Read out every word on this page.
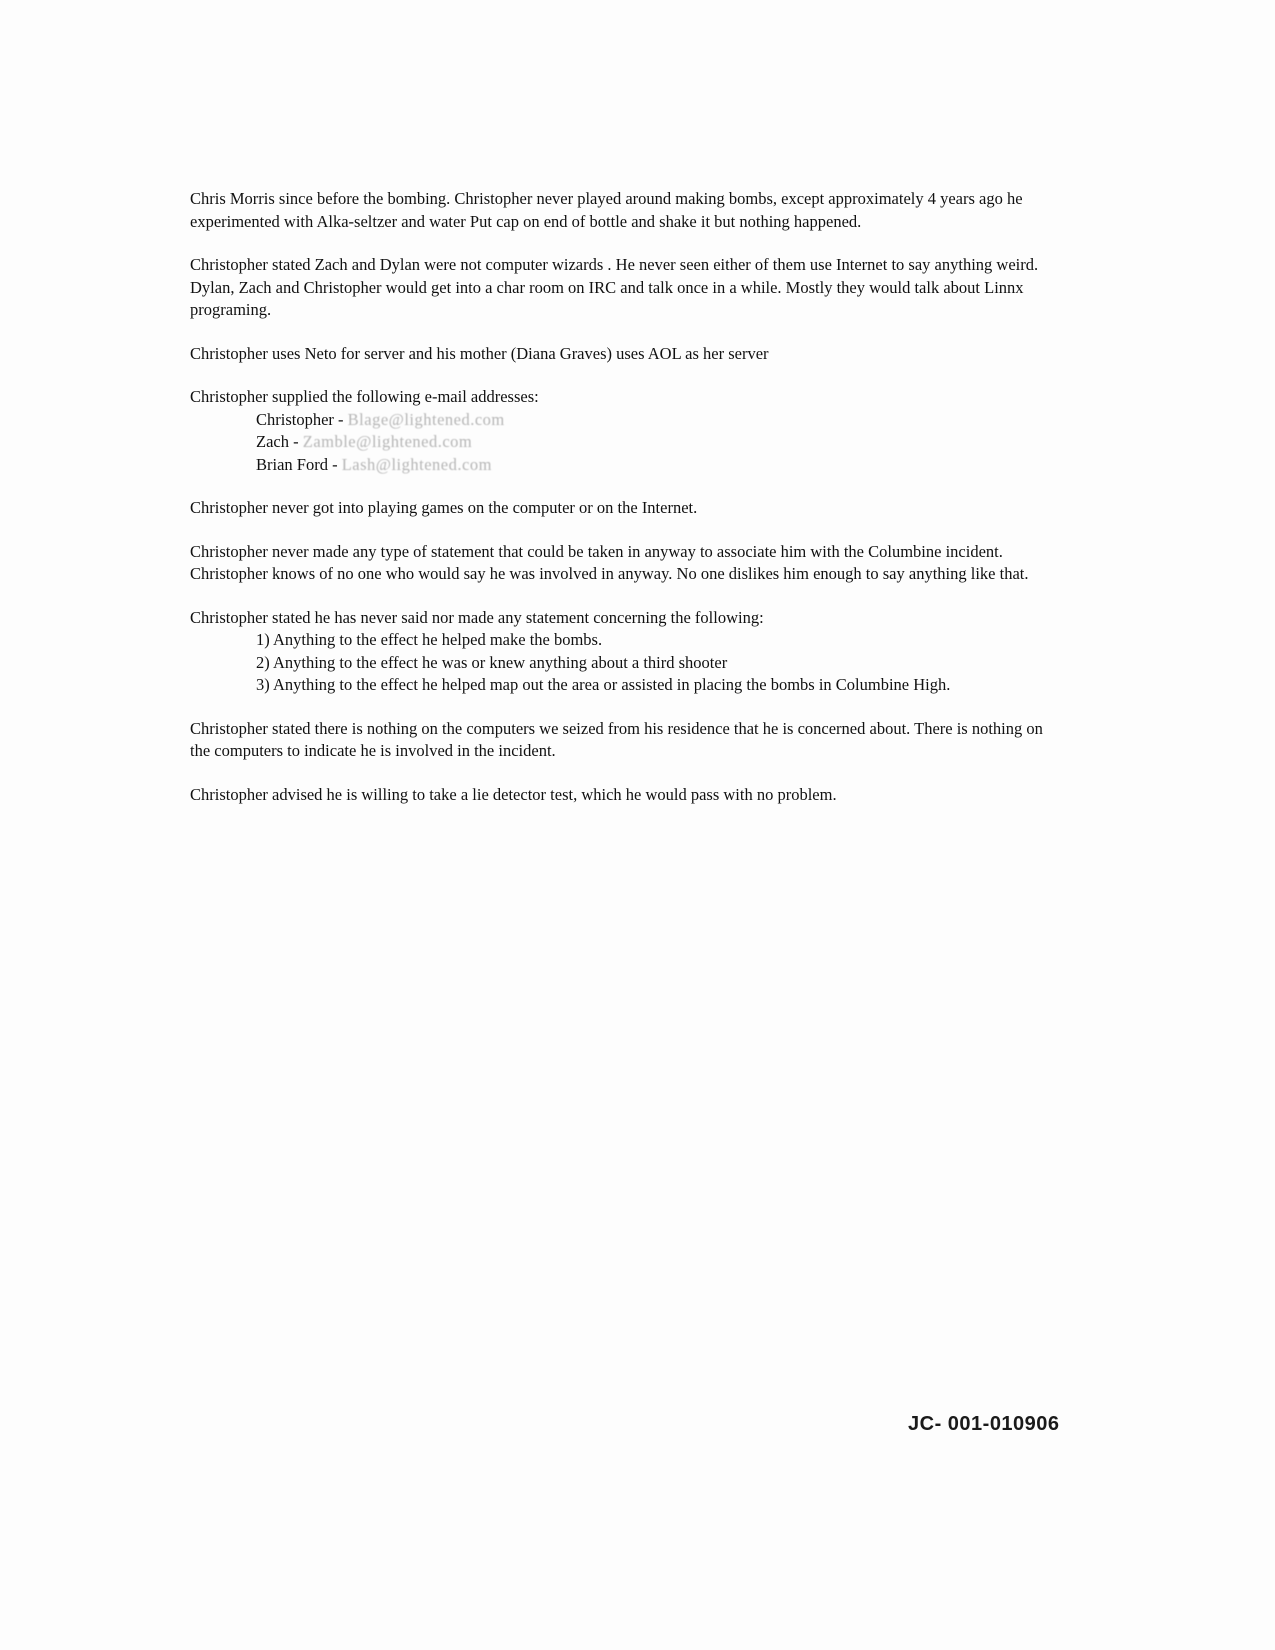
Chris Morris since before the bombing. Christopher never played around making bombs, except approximately 4 years ago he experimented with Alka-seltzer and water Put cap on end of bottle and shake it but nothing happened.

Christopher stated Zach and Dylan were not computer wizards . He never seen either of them use Internet to say anything weird. Dylan, Zach and Christopher would get into a char room on IRC and talk once in a while. Mostly they would talk about Linnx programing.

Christopher uses Neto for server and his mother (Diana Graves) uses AOL as her server

Christopher supplied the following e-mail addresses:

Christopher - Blage@lightened.com
Zach - Zamble@lightened.com
Brian Ford - Lash@lightened.com

Christopher never got into playing games on the computer or on the Internet.

Christopher never made any type of statement that could be taken in anyway to associate him with the Columbine incident. Christopher knows of no one who would say he was involved in anyway. No one dislikes him enough to say anything like that.

Christopher stated he has never said nor made any statement concerning the following:

1) Anything to the effect he helped make the bombs.
2) Anything to the effect he was or knew anything about a third shooter
3) Anything to the effect he helped map out the area or assisted in placing the bombs in Columbine High.

Christopher stated there is nothing on the computers we seized from his residence that he is concerned about. There is nothing on the computers to indicate he is involved in the incident.

Christopher advised he is willing to take a lie detector test, which he would pass with no problem.

JC- 001-010906
